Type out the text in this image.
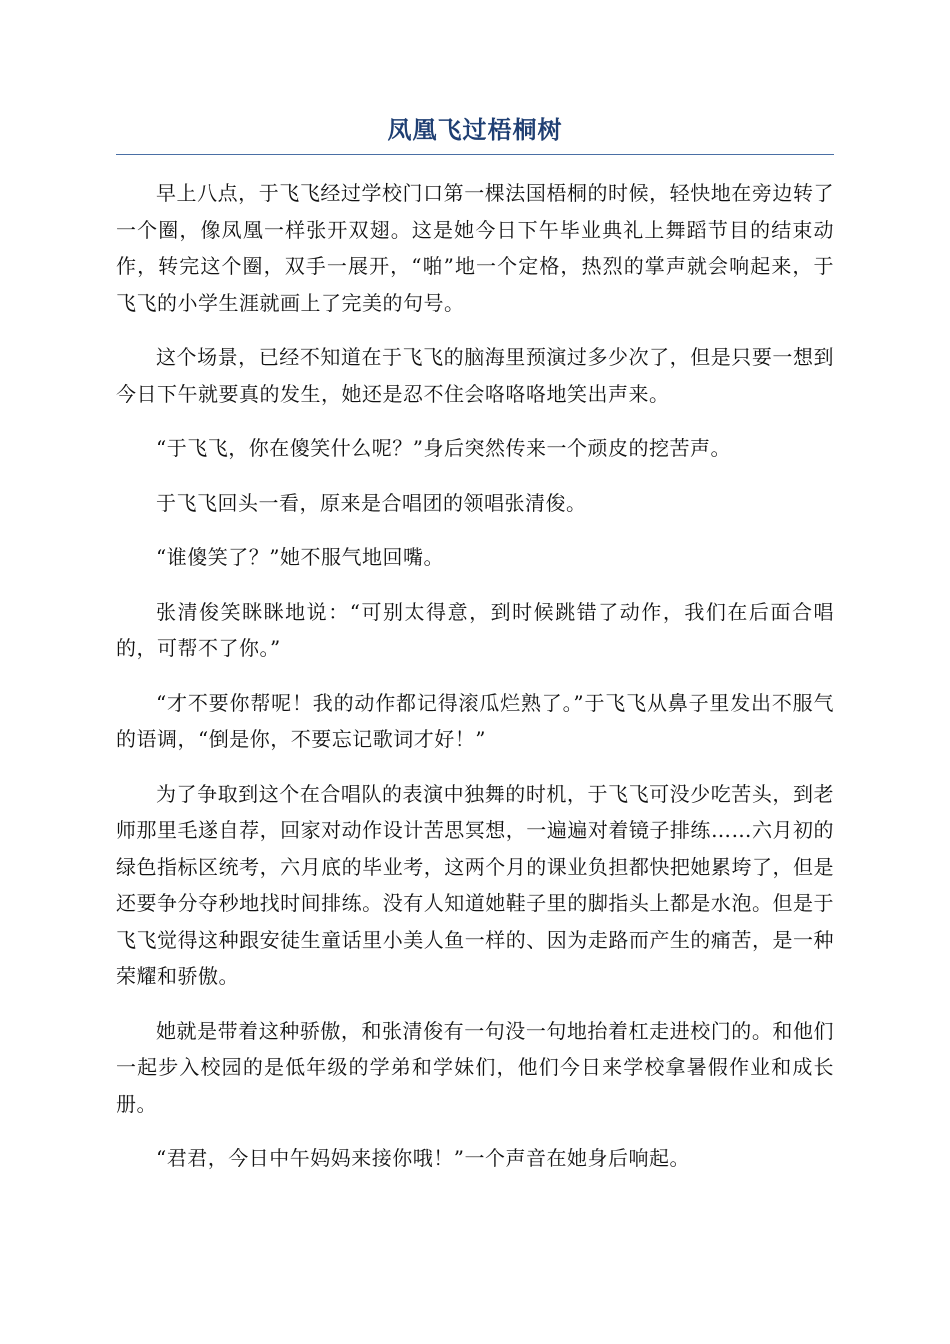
凤凰飞过梧桐树

早上八点，于飞飞经过学校门口第一棵法国梧桐的时候，轻快地在旁边转了一个圈，像凤凰一样张开双翅。这是她今日下午毕业典礼上舞蹈节目的结束动作，转完这个圈，双手一展开，“啪”地一个定格，热烈的掌声就会响起来，于飞飞的小学生涯就画上了完美的句号。

这个场景，已经不知道在于飞飞的脑海里预演过多少次了，但是只要一想到今日下午就要真的发生，她还是忍不住会咯咯咯地笑出声来。

“于飞飞，你在傻笑什么呢？”身后突然传来一个顽皮的挖苦声。

于飞飞回头一看，原来是合唱团的领唱张清俊。

“谁傻笑了？”她不服气地回嘴。

张清俊笑眯眯地说：“可别太得意，到时候跳错了动作，我们在后面合唱的，可帮不了你。”

“才不要你帮呢！我的动作都记得滚瓜烂熟了。”于飞飞从鼻子里发出不服气的语调，“倒是你，不要忘记歌词才好！”

为了争取到这个在合唱队的表演中独舞的时机，于飞飞可没少吃苦头，到老师那里毛遂自荐，回家对动作设计苦思冥想，一遍遍对着镜子排练……六月初的绿色指标区统考，六月底的毕业考，这两个月的课业负担都快把她累垮了，但是还要争分夺秒地找时间排练。没有人知道她鞋子里的脚指头上都是水泡。但是于飞飞觉得这种跟安徒生童话里小美人鱼一样的、因为走路而产生的痛苦，是一种荣耀和骄傲。

她就是带着这种骄傲，和张清俊有一句没一句地抬着杠走进校门的。和他们一起步入校园的是低年级的学弟和学妹们，他们今日来学校拿暑假作业和成长册。

“君君，今日中午妈妈来接你哦！”一个声音在她身后响起。
